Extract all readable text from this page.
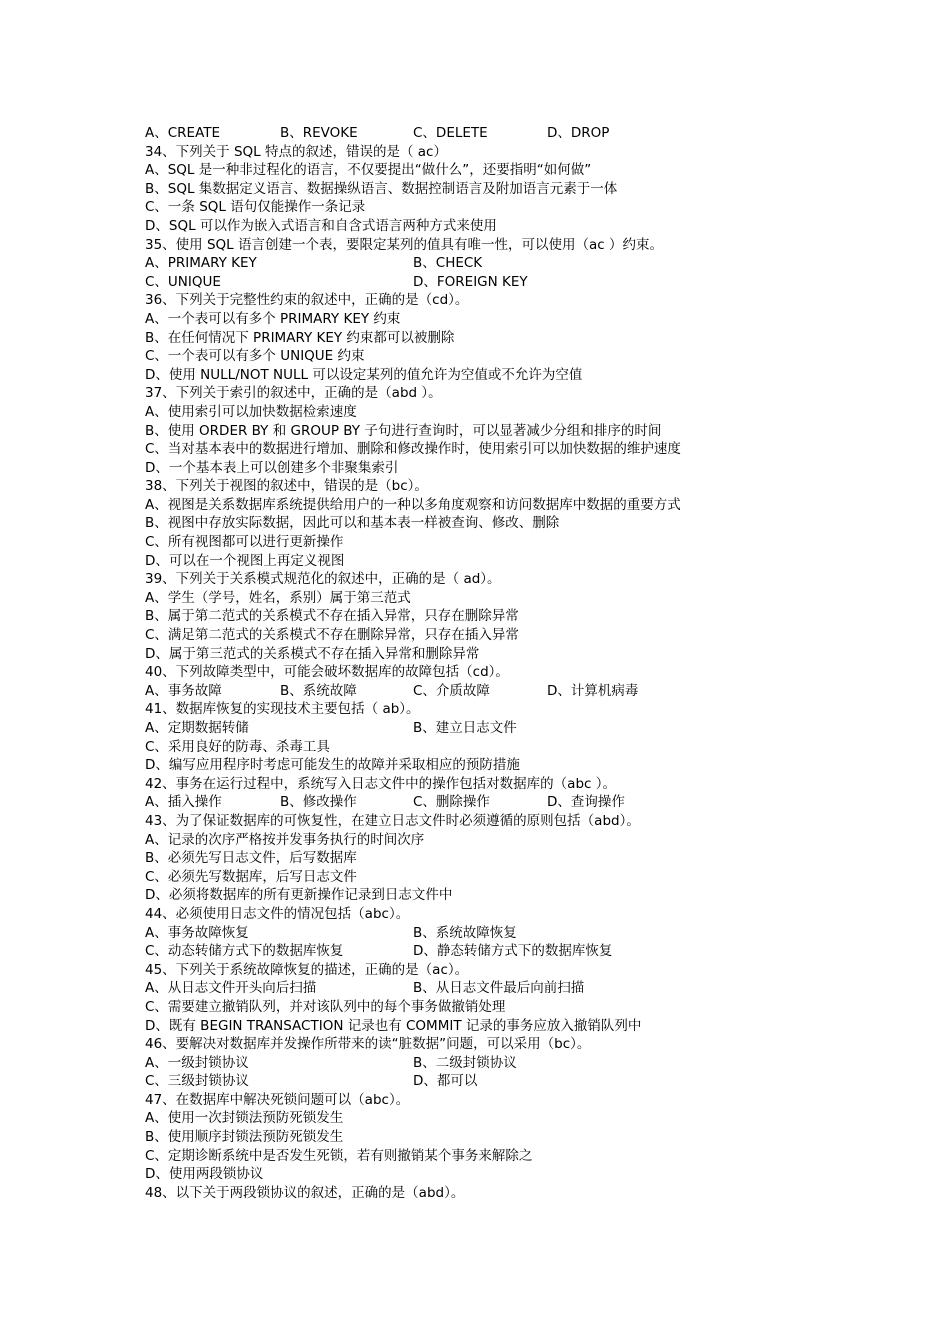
A、CREATE	B、REVOKE	C、DELETE	D、DROP
34、下列关于 SQL 特点的叙述，错误的是（ ac）
A、SQL 是一种非过程化的语言，不仅要提出“做什么”，还要指明“如何做”
B、SQL 集数据定义语言、数据操纵语言、数据控制语言及附加语言元素于一体
C、一条 SQL 语句仅能操作一条记录
D、SQL 可以作为嵌入式语言和自含式语言两种方式来使用
35、使用 SQL 语言创建一个表，要限定某列的值具有唯一性，可以使用（ac ）约束。
A、PRIMARY KEY	B、CHECK
C、UNIQUE	D、FOREIGN KEY
36、下列关于完整性约束的叙述中，正确的是（cd）。
A、一个表可以有多个 PRIMARY KEY 约束
B、在任何情况下 PRIMARY KEY 约束都可以被删除
C、一个表可以有多个 UNIQUE 约束
D、使用 NULL/NOT NULL 可以设定某列的值允许为空值或不允许为空值
37、下列关于索引的叙述中，正确的是（abd ）。
A、使用索引可以加快数据检索速度
B、使用 ORDER BY 和 GROUP BY 子句进行查询时，可以显著减少分组和排序的时间
C、当对基本表中的数据进行增加、删除和修改操作时，使用索引可以加快数据的维护速度
D、一个基本表上可以创建多个非聚集索引
38、下列关于视图的叙述中，错误的是（bc）。
A、视图是关系数据库系统提供给用户的一种以多角度观察和访问数据库中数据的重要方式
B、视图中存放实际数据，因此可以和基本表一样被查询、修改、删除
C、所有视图都可以进行更新操作
D、可以在一个视图上再定义视图
39、下列关于关系模式规范化的叙述中，正确的是（ ad）。
A、学生（学号，姓名，系别）属于第三范式
B、属于第二范式的关系模式不存在插入异常，只存在删除异常
C、满足第二范式的关系模式不存在删除异常，只存在插入异常
D、属于第三范式的关系模式不存在插入异常和删除异常
40、下列故障类型中，可能会破坏数据库的故障包括（cd）。
A、事务故障	B、系统故障	C、介质故障	D、计算机病毒
41、数据库恢复的实现技术主要包括（ ab）。
A、定期数据转储	B、建立日志文件
C、采用良好的防毒、杀毒工具
D、编写应用程序时考虑可能发生的故障并采取相应的预防措施
42、事务在运行过程中，系统写入日志文件中的操作包括对数据库的（abc ）。
A、插入操作	B、修改操作	C、删除操作	D、查询操作
43、为了保证数据库的可恢复性，在建立日志文件时必须遵循的原则包括（abd）。
A、记录的次序严格按并发事务执行的时间次序
B、必须先写日志文件，后写数据库
C、必须先写数据库，后写日志文件
D、必须将数据库的所有更新操作记录到日志文件中
44、必须使用日志文件的情况包括（abc）。
A、事务故障恢复	B、系统故障恢复
C、动态转储方式下的数据库恢复	D、静态转储方式下的数据库恢复
45、下列关于系统故障恢复的描述，正确的是（ac）。
A、从日志文件开头向后扫描	B、从日志文件最后向前扫描
C、需要建立撤销队列，并对该队列中的每个事务做撤销处理
D、既有 BEGIN TRANSACTION 记录也有 COMMIT 记录的事务应放入撤销队列中
46、要解决对数据库并发操作所带来的读“脏数据”问题，可以采用（bc）。
A、一级封锁协议	B、二级封锁协议
C、三级封锁协议	D、都可以
47、在数据库中解决死锁问题可以（abc）。
A、使用一次封锁法预防死锁发生
B、使用顺序封锁法预防死锁发生
C、定期诊断系统中是否发生死锁，若有则撤销某个事务来解除之
D、使用两段锁协议
48、以下关于两段锁协议的叙述，正确的是（abd）。
